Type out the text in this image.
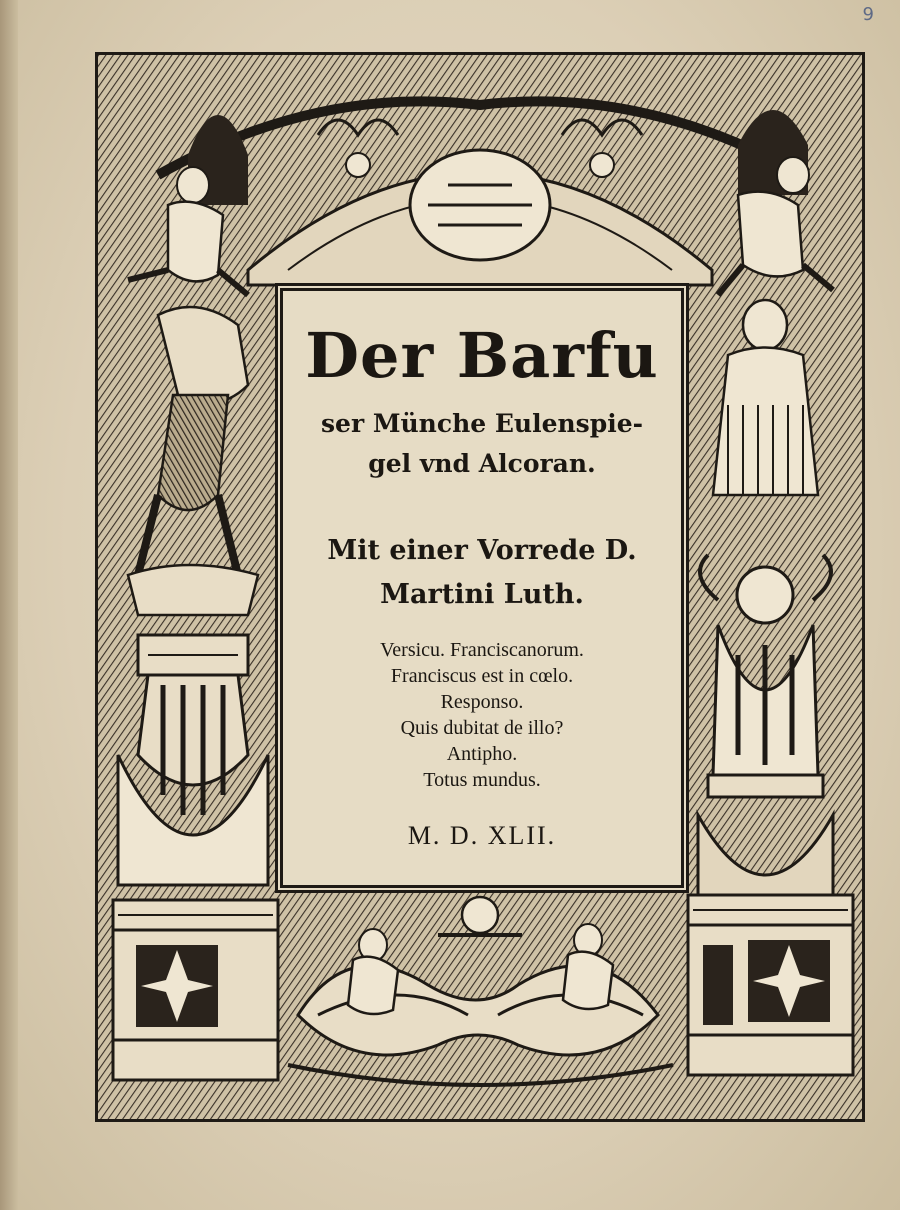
9
Der Barfu
ser Münche Eulenspie-
gel vnd Alcoran.
Mit einer Vorrede D.
Martini Luth.
Versicu. Franciscanorum.
Franciscus est in cœlo.
Responso.
Quis dubitat de illo?
Antipho.
Totus mundus.
M. D. XLII.
